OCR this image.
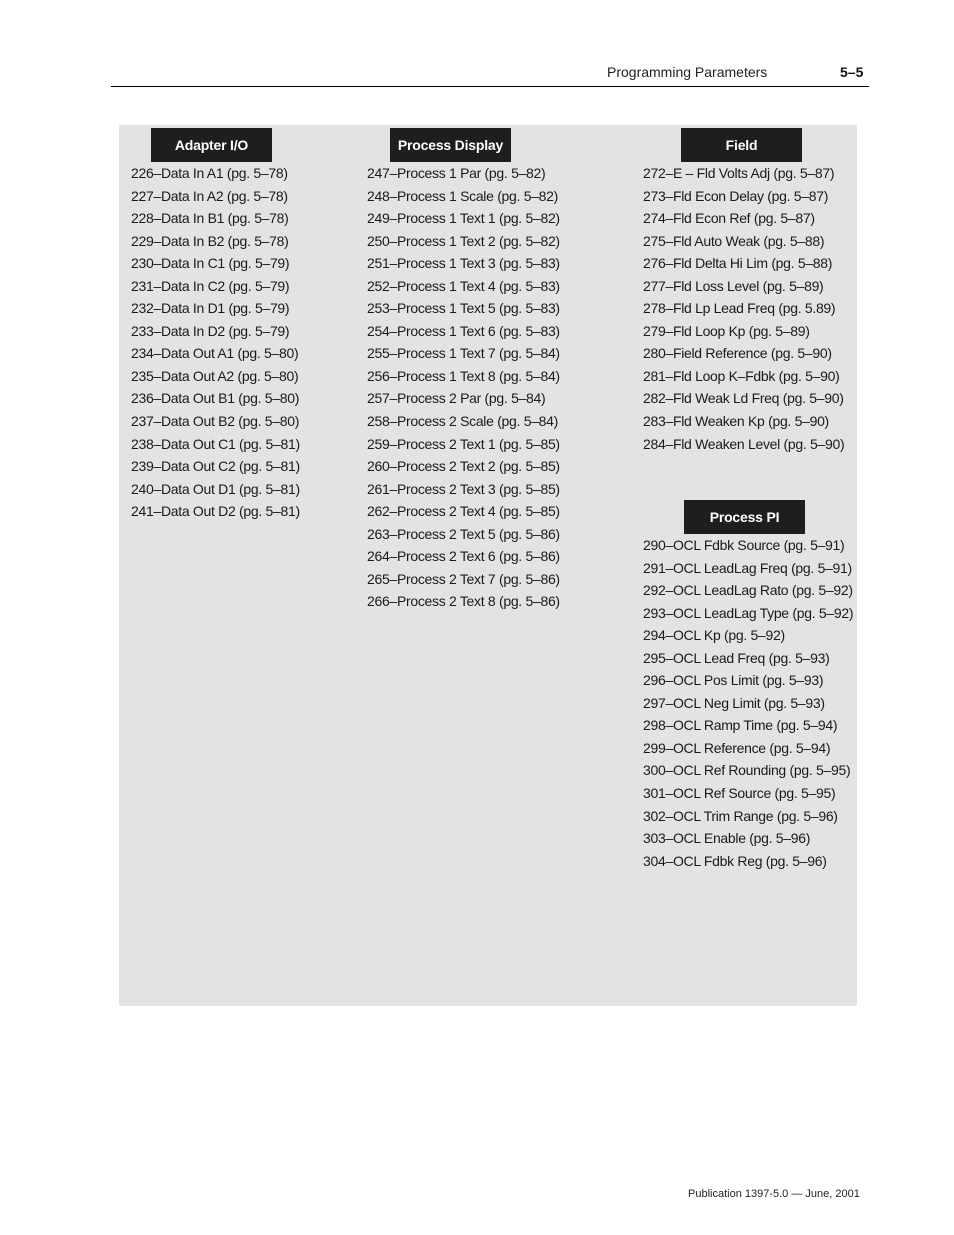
Programming Parameters	5–5
Adapter I/O
226–Data In A1 (pg. 5–78)
227–Data In A2 (pg. 5–78)
228–Data In B1 (pg. 5–78)
229–Data In B2 (pg. 5–78)
230–Data In C1 (pg. 5–79)
231–Data In C2 (pg. 5–79)
232–Data In D1 (pg. 5–79)
233–Data In D2 (pg. 5–79)
234–Data Out A1 (pg. 5–80)
235–Data Out A2 (pg. 5–80)
236–Data Out B1 (pg. 5–80)
237–Data Out B2 (pg. 5–80)
238–Data Out C1 (pg. 5–81)
239–Data Out C2 (pg. 5–81)
240–Data Out D1 (pg. 5–81)
241–Data Out D2 (pg. 5–81)
Process Display
247–Process 1 Par (pg. 5–82)
248–Process 1 Scale (pg. 5–82)
249–Process 1 Text 1 (pg. 5–82)
250–Process 1 Text 2 (pg. 5–82)
251–Process 1 Text 3 (pg. 5–83)
252–Process 1 Text 4 (pg. 5–83)
253–Process 1 Text 5 (pg. 5–83)
254–Process 1 Text 6 (pg. 5–83)
255–Process 1 Text 7 (pg. 5–84)
256–Process 1 Text 8 (pg. 5–84)
257–Process 2 Par (pg. 5–84)
258–Process 2 Scale (pg. 5–84)
259–Process 2 Text 1 (pg. 5–85)
260–Process 2 Text 2 (pg. 5–85)
261–Process 2 Text 3 (pg. 5–85)
262–Process 2 Text 4 (pg. 5–85)
263–Process 2 Text 5 (pg. 5–86)
264–Process 2 Text 6 (pg. 5–86)
265–Process 2 Text 7 (pg. 5–86)
266–Process 2 Text 8 (pg. 5–86)
Field
272–E – Fld Volts Adj (pg. 5–87)
273–Fld Econ Delay (pg. 5–87)
274–Fld Econ Ref (pg. 5–87)
275–Fld Auto Weak (pg. 5–88)
276–Fld Delta Hi Lim (pg. 5–88)
277–Fld Loss Level (pg. 5–89)
278–Fld Lp Lead Freq (pg. 5.89)
279–Fld Loop Kp (pg. 5–89)
280–Field Reference (pg. 5–90)
281–Fld Loop K–Fdbk (pg. 5–90)
282–Fld Weak Ld Freq (pg. 5–90)
283–Fld Weaken Kp (pg. 5–90)
284–Fld Weaken Level (pg. 5–90)
Process PI
290–OCL Fdbk Source (pg. 5–91)
291–OCL LeadLag Freq (pg. 5–91)
292–OCL LeadLag Rato (pg. 5–92)
293–OCL LeadLag Type (pg. 5–92)
294–OCL Kp (pg. 5–92)
295–OCL Lead Freq (pg. 5–93)
296–OCL Pos Limit (pg. 5–93)
297–OCL Neg Limit (pg. 5–93)
298–OCL Ramp Time (pg. 5–94)
299–OCL Reference (pg. 5–94)
300–OCL Ref Rounding (pg. 5–95)
301–OCL Ref Source (pg. 5–95)
302–OCL Trim Range (pg. 5–96)
303–OCL Enable (pg. 5–96)
304–OCL Fdbk Reg (pg. 5–96)
Publication 1397-5.0 — June, 2001
